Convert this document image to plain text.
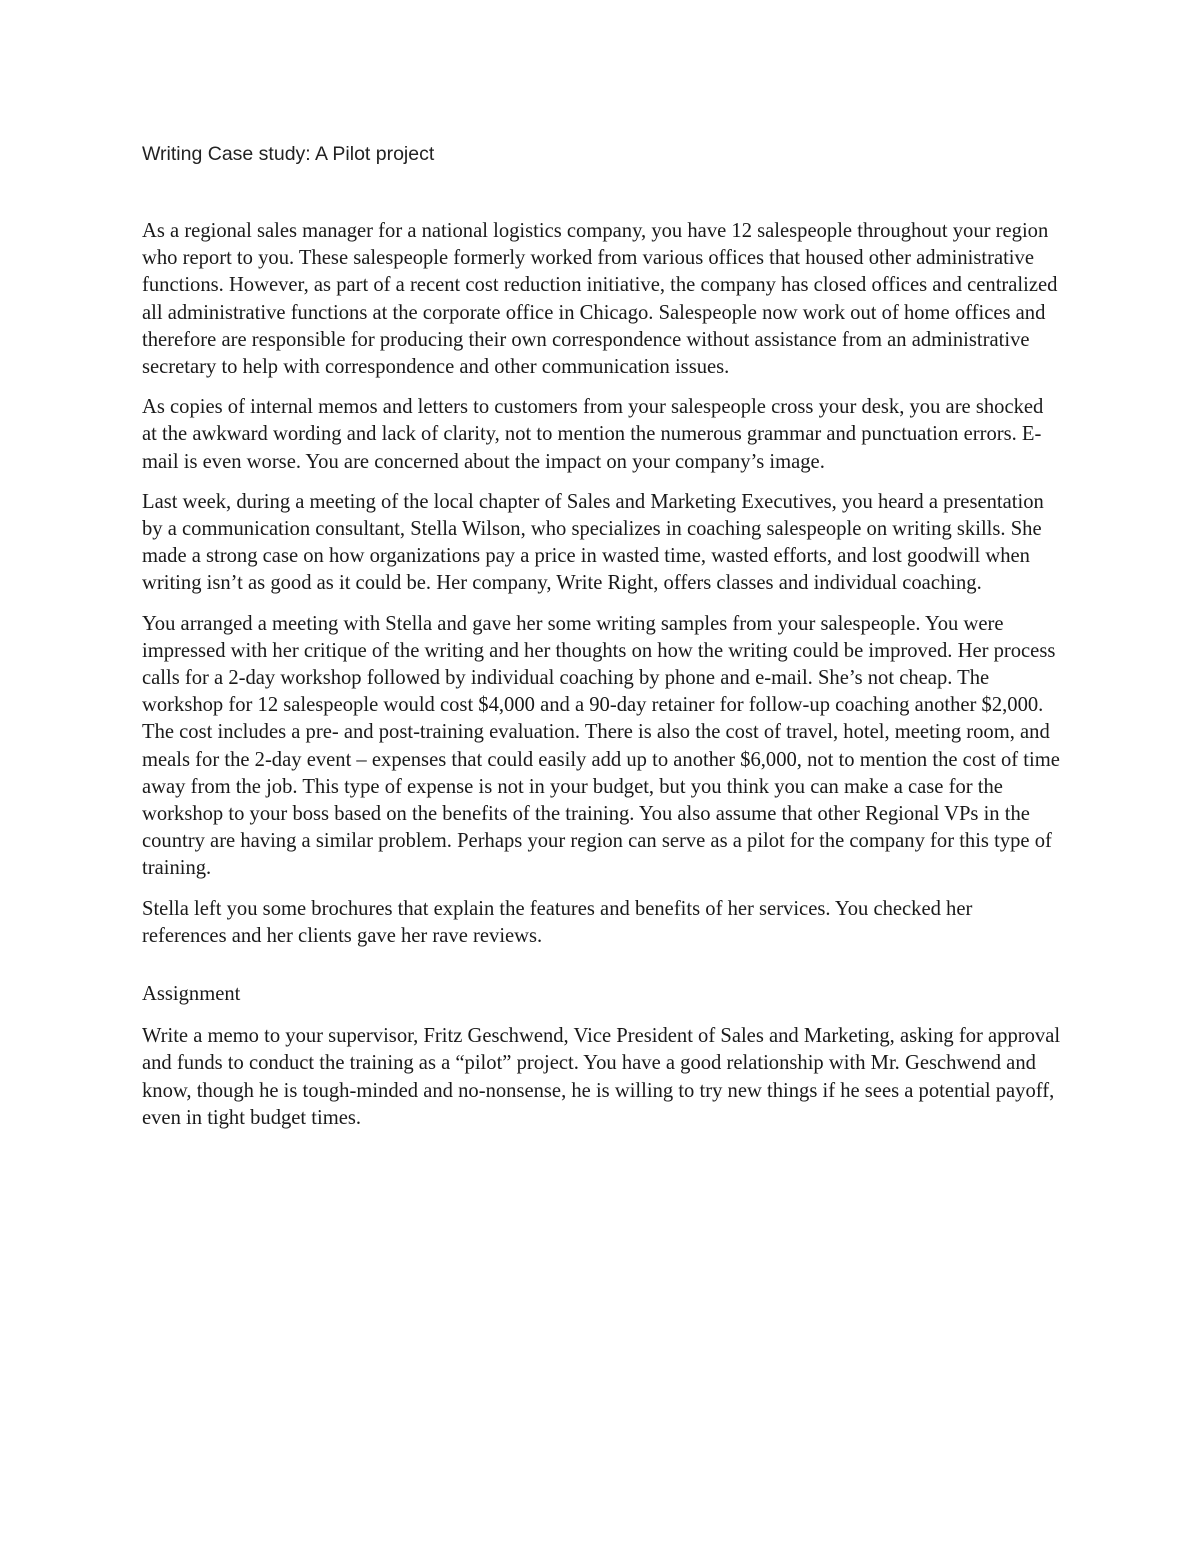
Writing Case study: A Pilot project

As a regional sales manager for a national logistics company, you have 12 salespeople throughout your region who report to you. These salespeople formerly worked from various offices that housed other administrative functions. However, as part of a recent cost reduction initiative, the company has closed offices and centralized all administrative functions at the corporate office in Chicago. Salespeople now work out of home offices and therefore are responsible for producing their own correspondence without assistance from an administrative secretary to help with correspondence and other communication issues.

As copies of internal memos and letters to customers from your salespeople cross your desk, you are shocked at the awkward wording and lack of clarity, not to mention the numerous grammar and punctuation errors. E-mail is even worse. You are concerned about the impact on your company’s image.

Last week, during a meeting of the local chapter of Sales and Marketing Executives, you heard a presentation by a communication consultant, Stella Wilson, who specializes in coaching salespeople on writing skills. She made a strong case on how organizations pay a price in wasted time, wasted efforts, and lost goodwill when writing isn’t as good as it could be. Her company, Write Right, offers classes and individual coaching.

You arranged a meeting with Stella and gave her some writing samples from your salespeople. You were impressed with her critique of the writing and her thoughts on how the writing could be improved. Her process calls for a 2-day workshop followed by individual coaching by phone and e-mail. She’s not cheap. The workshop for 12 salespeople would cost $4,000 and a 90-day retainer for follow-up coaching another $2,000. The cost includes a pre- and post-training evaluation. There is also the cost of travel, hotel, meeting room, and meals for the 2-day event – expenses that could easily add up to another $6,000, not to mention the cost of time away from the job. This type of expense is not in your budget, but you think you can make a case for the workshop to your boss based on the benefits of the training. You also assume that other Regional VPs in the country are having a similar problem. Perhaps your region can serve as a pilot for the company for this type of training.

Stella left you some brochures that explain the features and benefits of her services. You checked her references and her clients gave her rave reviews.

Assignment

Write a memo to your supervisor, Fritz Geschwend, Vice President of Sales and Marketing, asking for approval and funds to conduct the training as a “pilot” project. You have a good relationship with Mr. Geschwend and know, though he is tough-minded and no-nonsense, he is willing to try new things if he sees a potential payoff, even in tight budget times.
